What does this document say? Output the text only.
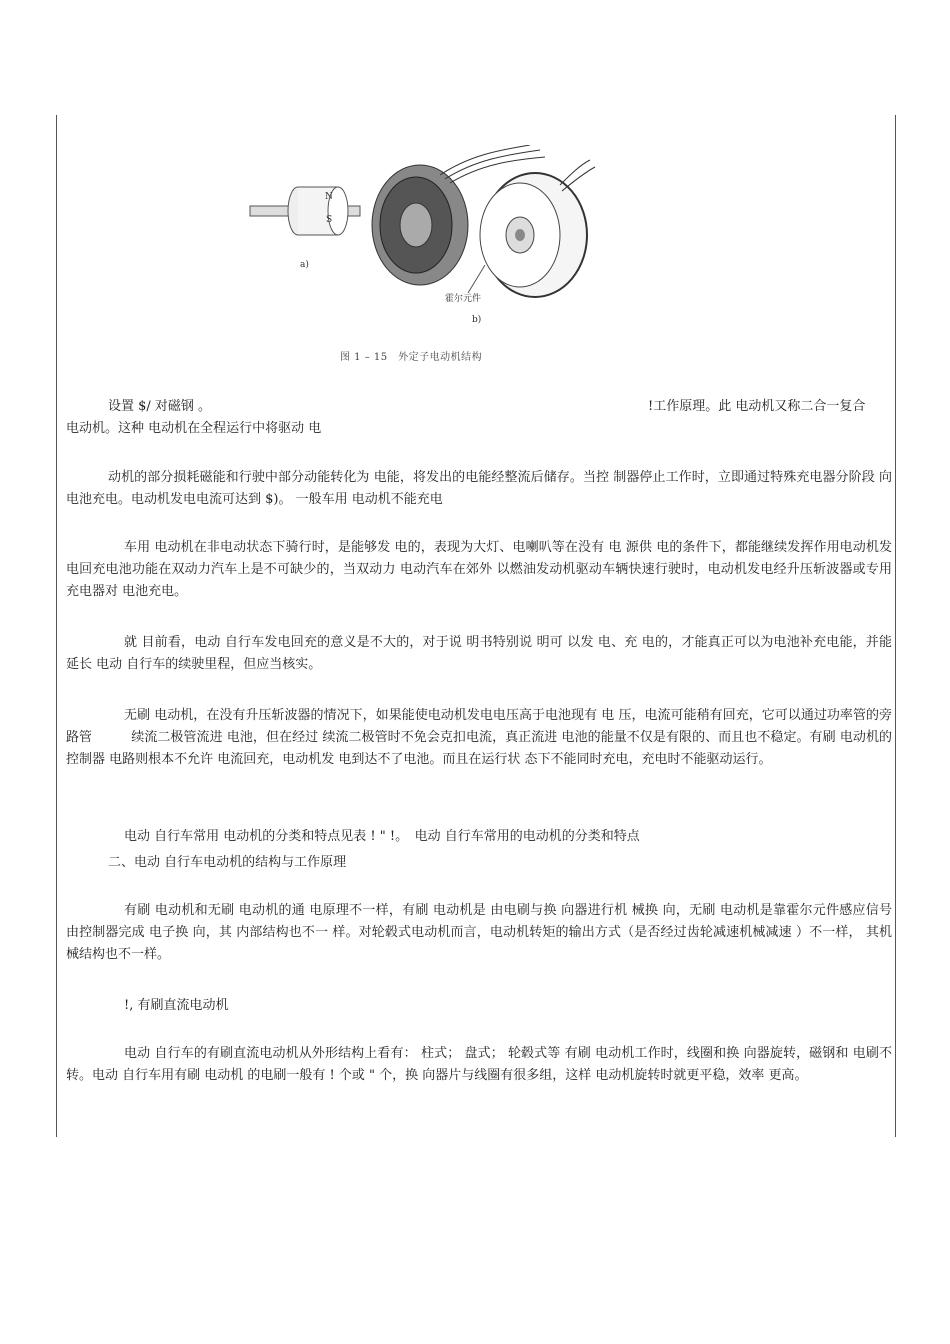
N
S
a)
霍尔元件
b)
图 1 – 15　外定子电动机结构

设置 $/ 对磁钢 。	!工作原理。此 电动机又称二合一复合

电动机。这种 电动机在全程运行中将驱动 电

动机的部分损耗磁能和行驶中部分动能转化为 电能，将发出的电能经整流后储存。当控 制器停止工作时，立即通过特殊充电器分阶段 向电池充电。电动机发电电流可达到 $)。 一般车用 电动机不能充电

车用 电动机在非电动状态下骑行时，是能够发 电的，表现为大灯、电喇叭等在没有 电 源供 电的条件下，都能继续发挥作用电动机发电回充电池功能在双动力汽车上是不可缺少的，当双动力 电动汽车在郊外 以燃油发动机驱动车辆快速行驶时，电动机发电经升压斩波器或专用充电器对 电池充电。

就 目前看，电动 自行车发电回充的意义是不大的，对于说 明书特别说 明可 以发 电、充 电的，才能真正可以为电池补充电能，并能延长 电动 自行车的续驶里程，但应当核实。

无刷 电动机，在没有升压斩波器的情况下，如果能使电动机发电电压高于电池现有 电 压，电流可能稍有回充，它可以通过功率管的旁路管　　　续流二极管流进 电池，但在经过 续流二极管时不免会克扣电流，真正流进 电池的能量不仅是有限的、而且也不稳定。有刷 电动机的控制器 电路则根本不允许 电流回充，电动机发 电到达不了电池。而且在运行状 态下不能同时充电，充电时不能驱动运行。

电动 自行车常用 电动机的分类和特点见表 ! " !。　电动 自行车常用的电动机的分类和特点

二、电动 自行车电动机的结构与工作原理

有刷 电动机和无刷 电动机的通 电原理不一样，有刷 电动机是 由电刷与换 向器进行机 械换 向，无刷 电动机是靠霍尔元件感应信号 由控制器完成 电子换 向，其 内部结构也不一 样。对轮毂式电动机而言，电动机转矩的输出方式（是否经过齿轮减速机械减速 ）不一样， 其机械结构也不一样。

!, 有刷直流电动机

电动 自行车的有刷直流电动机从外形结构上看有： 柱式； 盘式； 轮毂式等 有刷 电动机工作时，线圈和换 向器旋转，磁钢和 电刷不转。电动 自行车用有刷 电动机 的电刷一般有 ! 个或 " 个，换 向器片与线圈有很多组，这样 电动机旋转时就更平稳，效率 更高。
